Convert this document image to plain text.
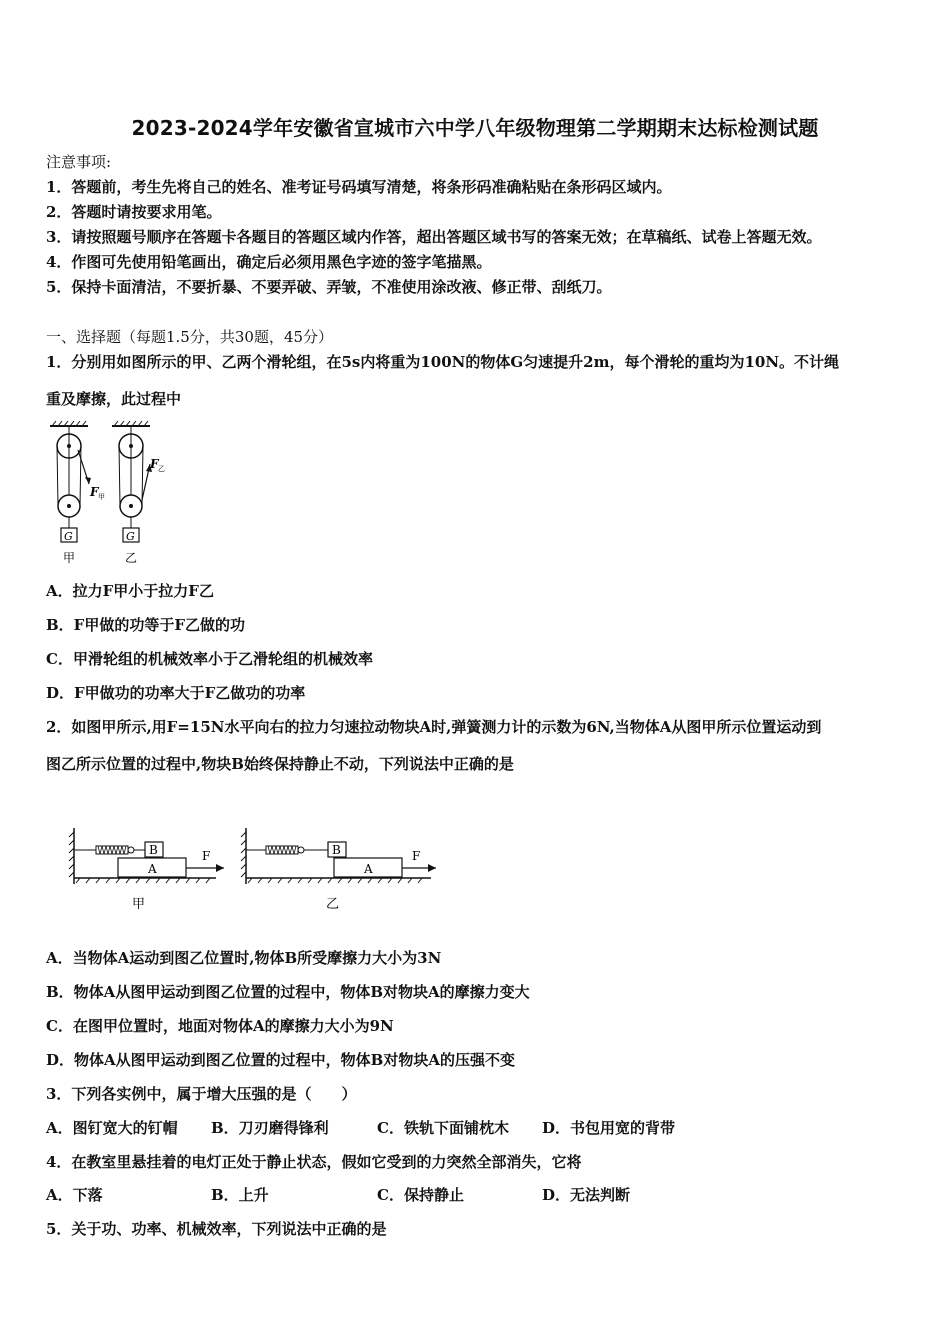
2023-2024学年安徽省宣城市六中学八年级物理第二学期期末达标检测试题
注意事项:
1．答题前，考生先将自己的姓名、准考证号码填写清楚，将条形码准确粘贴在条形码区域内。
2．答题时请按要求用笔。
3．请按照题号顺序在答题卡各题目的答题区域内作答，超出答题区域书写的答案无效；在草稿纸、试卷上答题无效。
4．作图可先使用铅笔画出，确定后必须用黑色字迹的签字笔描黑。
5．保持卡面清洁，不要折暴、不要弄破、弄皱，不准使用涂改液、修正带、刮纸刀。
一、选择题（每题1.5分，共30题，45分）
1．分别用如图所示的甲、乙两个滑轮组，在5s内将重为100N的物体G匀速提升2m，每个滑轮的重均为10N。不计绳
重及摩擦，此过程中
F 甲
G
甲
F 乙
G
乙
A．拉力F甲小于拉力F乙
B．F甲做的功等于F乙做的功
C．甲滑轮组的机械效率小于乙滑轮组的机械效率
D．F甲做功的功率大于F乙做功的功率
2．如图甲所示,用F=15N水平向右的拉力匀速拉动物块A时,弹簧测力计的示数为6N,当物体A从图甲所示位置运动到
图乙所示位置的过程中,物块B始终保持静止不动，下列说法中正确的是
B
A
F
甲
B
A
F
乙
A．当物体A运动到图乙位置时,物体B所受摩擦力大小为3N
B．物体A从图甲运动到图乙位置的过程中，物体B对物块A的摩擦力变大
C．在图甲位置时，地面对物体A的摩擦力大小为9N
D．物体A从图甲运动到图乙位置的过程中，物体B对物块A的压强不变
3．下列各实例中，属于增大压强的是（　　）
A．图钉宽大的钉帽 B．刀刃磨得锋利	C．铁轨下面铺枕木 D．书包用宽的背带
4．在教室里悬挂着的电灯正处于静止状态，假如它受到的力突然全部消失，它将
A．下落	B．上升	C．保持静止	D．无法判断
5．关于功、功率、机械效率，下列说法中正确的是
